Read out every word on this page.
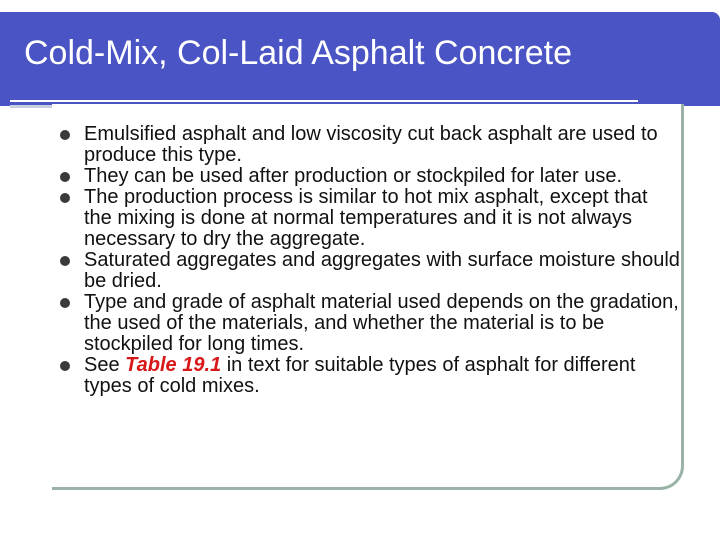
Cold-Mix, Col-Laid Asphalt Concrete
Emulsified asphalt and low viscosity cut back asphalt are used to produce this type.
They can be used after production or stockpiled for later use.
The production process is similar to hot mix asphalt, except that the mixing is done at normal temperatures and it is not always necessary to dry the aggregate.
Saturated aggregates and aggregates with surface moisture should be dried.
Type and grade of asphalt material used depends on the gradation, the used of the materials, and whether the material is to be stockpiled for long times.
See Table 19.1 in text for suitable types of asphalt for different types of cold mixes.
